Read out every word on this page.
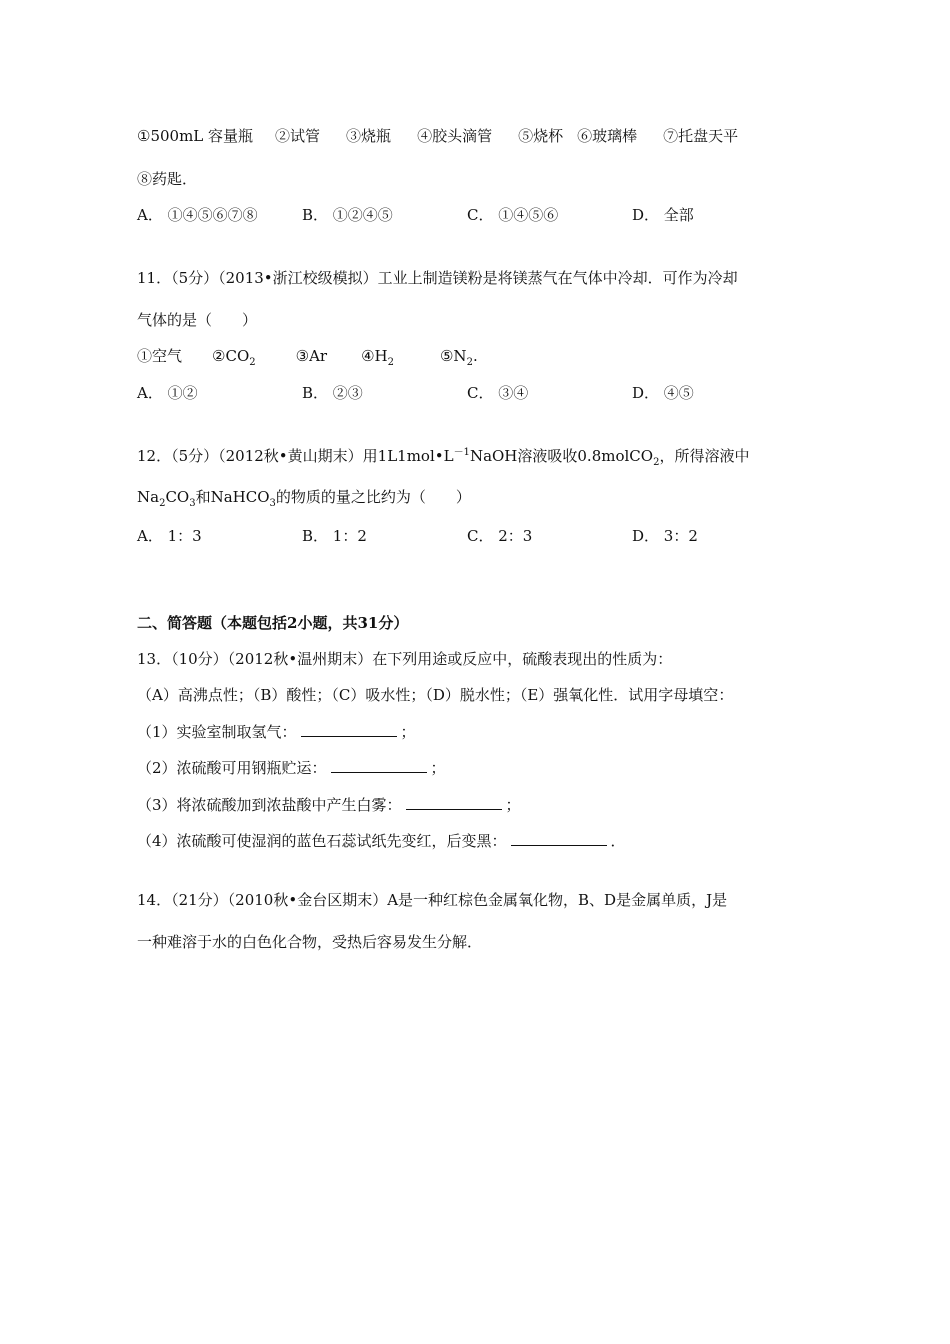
①500mL 容量瓶 ②试管 ③烧瓶 ④胶头滴管 ⑤烧杯 ⑥玻璃棒 ⑦托盘天平
⑧药匙．
A． ①④⑤⑥⑦⑧	B． ①②④⑤	C． ①④⑤⑥	D． 全部
11．（5分）（2013•浙江校级模拟）工业上制造镁粉是将镁蒸气在气体中冷却．可作为冷却
气体的是（　　）
①空气 $②CO_2$	③Ar $④H_2$	$⑤N_2$.
A． ①②	B． ②③	C． ③④	D． ④⑤
12．（5分）（2012秋•黄山期末）用$1L1mol•L^{-1}NaOH$溶液吸收0.8molCO$_2$，所得溶液中
$Na_2CO_3$和NaHCO$_3$的物质的量之比约为（　　）
A． 1：3	B． 1：2	C． 2：3	D． 3：2
二、简答题（本题包括2小题，共31分）
13．（10分）（2012秋•温州期末）在下列用途或反应中，硫酸表现出的性质为：
（A）高沸点性；（B）酸性；（C）吸水性；（D）脱水性；（E）强氧化性．试用字母填空：
（1）实验室制取氢气：	；
（2）浓硫酸可用钢瓶贮运：	；
（3）将浓硫酸加到浓盐酸中产生白雾：	；
（4）浓硫酸可使湿润的蓝色石蕊试纸先变红，后变黑：	．
14．（21分）（2010秋•金台区期末）A是一种红棕色金属氧化物，B、D是金属单质，J是
一种难溶于水的白色化合物，受热后容易发生分解．
